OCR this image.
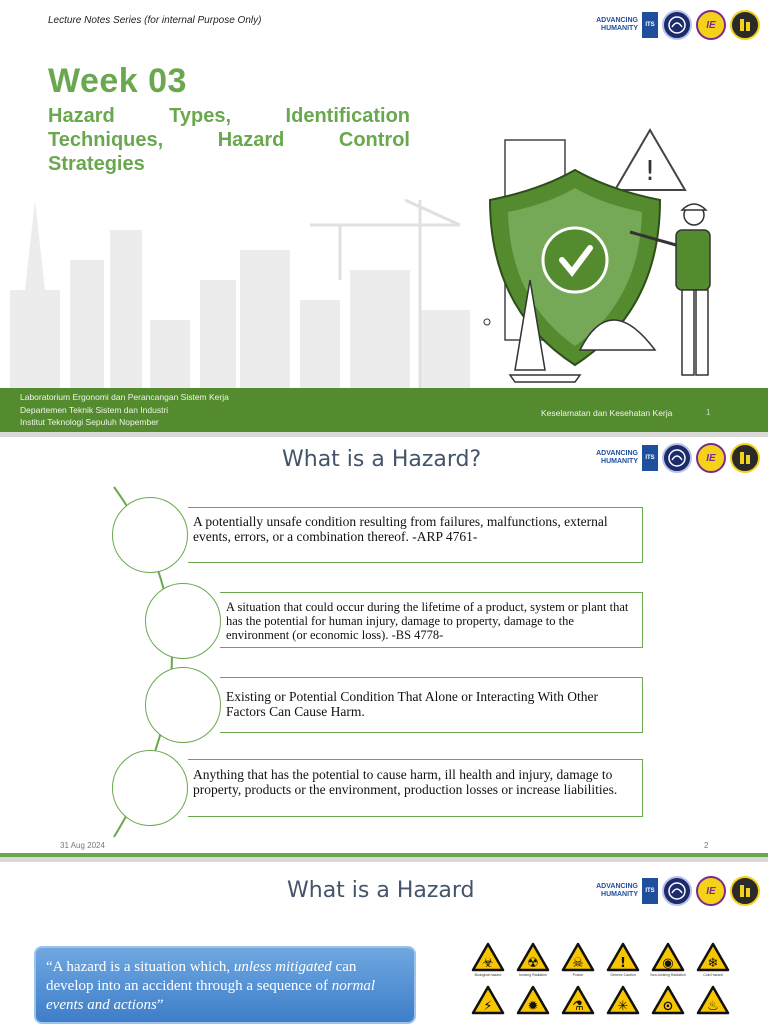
Lecture Notes Series (for internal Purpose Only)	ADVANCING
HUMANITY	ITS	IE
Week 03
Hazard Types, Identification Techniques, Hazard Control Strategies	!
Laboratorium Ergonomi dan Perancangan Sistem Kerja
Departemen Teknik Sistem dan Industri
Institut Teknologi Sepuluh Nopember
Keselamatan dan Kesehatan Kerja	1
What is a Hazard?	ADVANCING
HUMANITY	ITS	IE
A potentially unsafe condition resulting from failures, malfunctions, external events, errors, or a combination thereof. -ARP 4761-
A situation that could occur during the lifetime of a product, system or plant that has the potential for human injury, damage to property, damage to the environment (or economic loss). -BS 4778-
Existing or Potential Condition That Alone or Interacting With Other Factors Can Cause Harm.
Anything that has the potential to cause harm, ill health and injury, damage to property, products or the environment, production losses or increase liabilities.
31 Aug 2024	2
What is a Hazard	ADVANCING
HUMANITY	ITS	IE
“A hazard is a situation which, unless mitigated can develop into an accident through a sequence of normal events and actions”
☣
Biological hazard
☢
Ionizing Radiation
☠
Poison
!
Generic Caution
◉
Non-Ionizing Radiation
❄
Cold Hazard
⚡	✹	⚗	✳	⊙	♨
